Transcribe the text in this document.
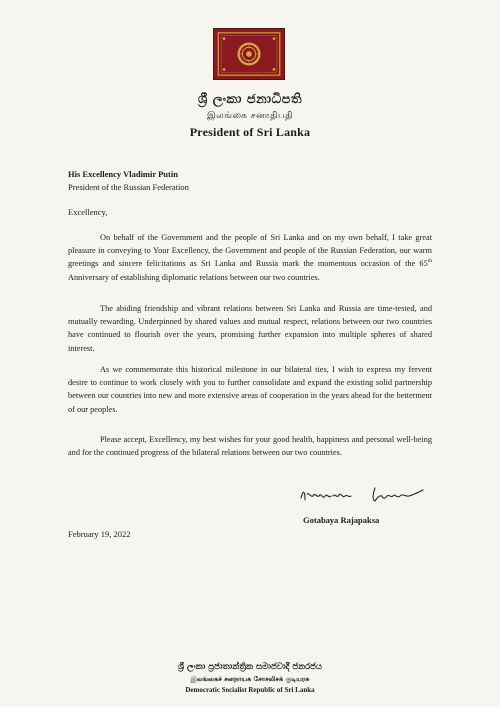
ශ්‍රී ලංකා ජනාධිපති
இலங்கை சனாதிபதி
President of Sri Lanka
His Excellency Vladimir Putin
President of the Russian Federation
Excellency,

On behalf of the Government and the people of Sri Lanka and on my own behalf, I take great pleasure in conveying to Your Excellency, the Government and people of the Russian Federation, our warm greetings and sincere felicitations as Sri Lanka and Russia mark the momentous occasion of the 65th Anniversary of establishing diplomatic relations between our two countries.

The abiding friendship and vibrant relations between Sri Lanka and Russia are time-tested, and mutually rewarding. Underpinned by shared values and mutual respect, relations between our two countries have continued to flourish over the years, promising further expansion into multiple spheres of shared interest.

As we commemorate this historical milestone in our bilateral ties, I wish to express my fervent desire to continue to work closely with you to further consolidate and expand the existing solid partnership between our countries into new and more extensive areas of cooperation in the years ahead for the betterment of our peoples.

Please accept, Excellency, my best wishes for your good health, happiness and personal well-being and for the continued progress of the bilateral relations between our two countries.

Gotabaya Rajapaksa
February 19, 2022
ශ්‍රී ලංකා ප්‍රජාතාන්ත්‍රික සමාජවාදී ජනරජය
இலங்கைச் சனநாயக சோசலிசக் குடியரசு
Democratic Socialist Republic of Sri Lanka
